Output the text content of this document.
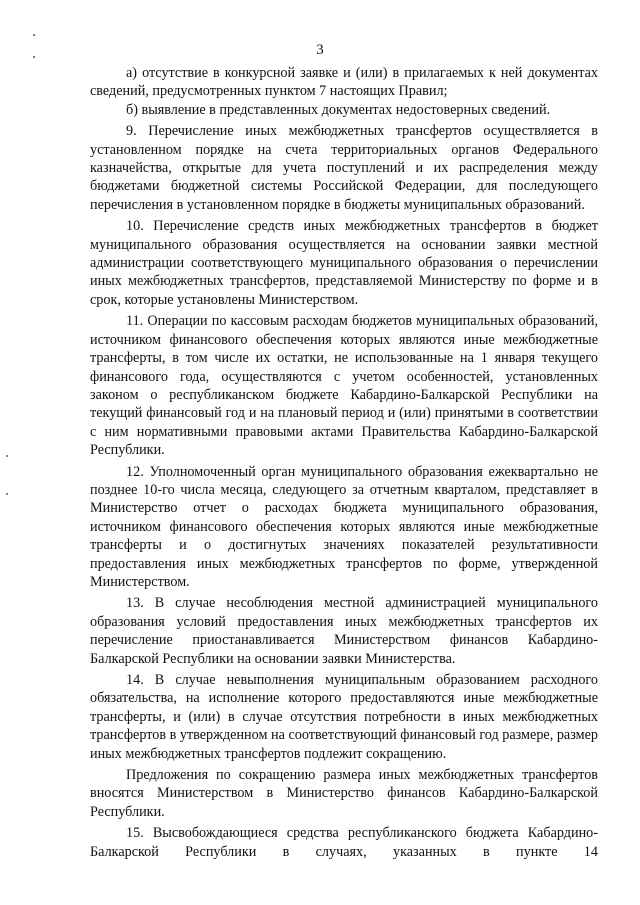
3

а) отсутствие в конкурсной заявке и (или) в прилагаемых к ней документах сведений, предусмотренных пунктом 7 настоящих Правил;

б) выявление в представленных документах недостоверных сведений.

9. Перечисление иных межбюджетных трансфертов осуществляется в установленном порядке на счета территориальных органов Федерального казначейства, открытые для учета поступлений и их распределения между бюджетами бюджетной системы Российской Федерации, для последующего перечисления в установленном порядке в бюджеты муниципальных образований.

10. Перечисление средств иных межбюджетных трансфертов в бюджет муниципального образования осуществляется на основании заявки местной администрации соответствующего муниципального образования о перечислении иных межбюджетных трансфертов, представляемой Министерству по форме и в срок, которые установлены Министерством.

11. Операции по кассовым расходам бюджетов муниципальных образований, источником финансового обеспечения которых являются иные межбюджетные трансферты, в том числе их остатки, не использованные на 1 января текущего финансового года, осуществляются с учетом особенностей, установленных законом о республиканском бюджете Кабардино-Балкарской Республики на текущий финансовый год и на плановый период и (или) принятыми в соответствии с ним нормативными правовыми актами Правительства Кабардино-Балкарской Республики.

12. Уполномоченный орган муниципального образования ежеквартально не позднее 10-го числа месяца, следующего за отчетным кварталом, представляет в Министерство отчет о расходах бюджета муниципального образования, источником финансового обеспечения которых являются иные межбюджетные трансферты и о достигнутых значениях показателей результативности предоставления иных межбюджетных трансфертов по форме, утвержденной Министерством.

13. В случае несоблюдения местной администрацией муниципального образования условий предоставления иных межбюджетных трансфертов их перечисление приостанавливается Министерством финансов Кабардино-Балкарской Республики на основании заявки Министерства.

14. В случае невыполнения муниципальным образованием расходного обязательства, на исполнение которого предоставляются иные межбюджетные трансферты, и (или) в случае отсутствия потребности в иных межбюджетных трансфертов в утвержденном на соответствующий финансовый год размере, размер иных межбюджетных трансфертов подлежит сокращению.

Предложения по сокращению размера иных межбюджетных трансфертов вносятся Министерством в Министерство финансов Кабардино-Балкарской Республики.

15. Высвобождающиеся средства республиканского бюджета Кабардино-Балкарской Республики в случаях, указанных в пункте 14
